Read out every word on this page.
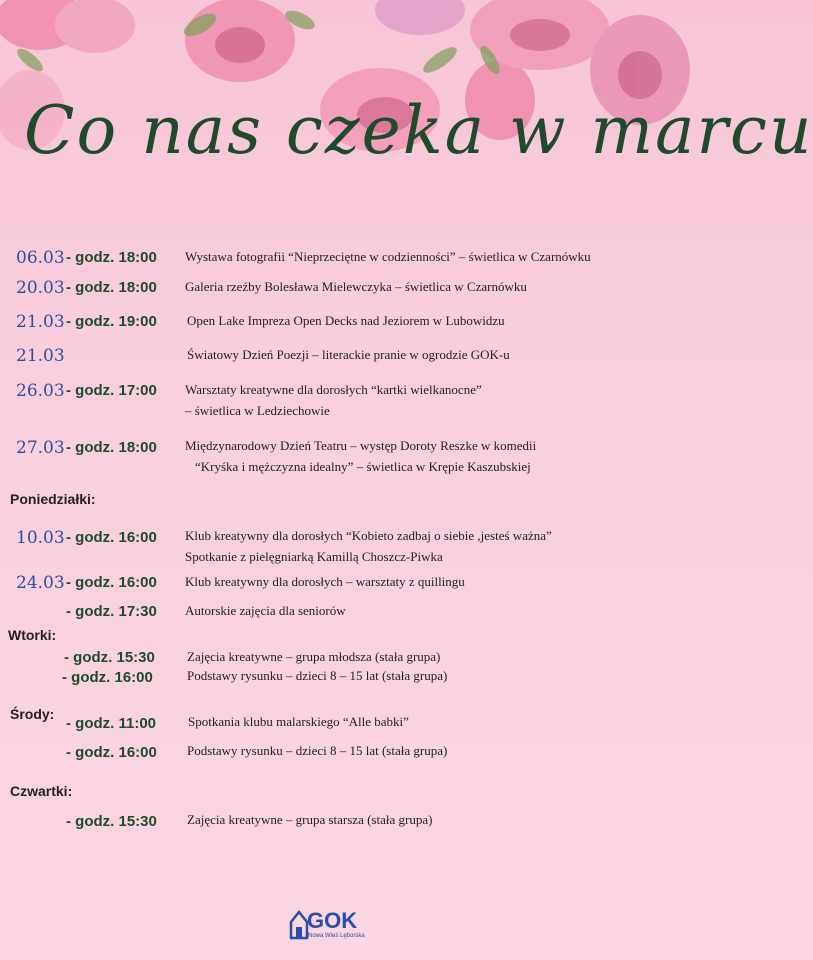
Co nas czeka w marcu
06.03 - godz. 18:00 Wystawa fotografii “Nieprzeciętne w codzienności” – świetlica w Czarnówku
20.03 - godz. 18:00 Galeria rzeźby Bolesława Mielewczyka – świetlica w Czarnówku
21.03 - godz. 19:00 Open Lake Impreza Open Decks nad Jeziorem w Lubowidzu
21.03	Światowy Dzień Poezji – literackie pranie w ogrodzie GOK-u
26.03 - godz. 17:00 Warsztaty kreatywne dla dorosłych “kartki wielkanocne”
– świetlica w Ledziechowie
27.03 - godz. 18:00 Międzynarodowy Dzień Teatru – występ Doroty Reszke w komedii
“Kryśka i mężczyzna idealny” – świetlica w Krępie Kaszubskiej
Poniedziałki:
10.03 - godz. 16:00 Klub kreatywny dla dorosłych “Kobieto zadbaj o siebie ,jesteś ważna”
Spotkanie z pielęgniarką Kamillą Choszcz-Piwka
24.03 - godz. 16:00 Klub kreatywny dla dorosłych – warsztaty z quillingu
- godz. 17:30 Autorskie zajęcia dla seniorów
Wtorki:
- godz. 15:30 Zajęcia kreatywne – grupa młodsza (stała grupa)
- godz. 16:00	Podstawy rysunku – dzieci 8 – 15 lat (stała grupa)
Środy:
- godz. 11:00 Spotkania klubu malarskiego “Alle babki”
- godz. 16:00 Podstawy rysunku – dzieci 8 – 15 lat (stała grupa)
Czwartki:
- godz. 15:30 Zajęcia kreatywne – grupa starsza (stała grupa)
GOK
Nowa Wieś Lęborska
